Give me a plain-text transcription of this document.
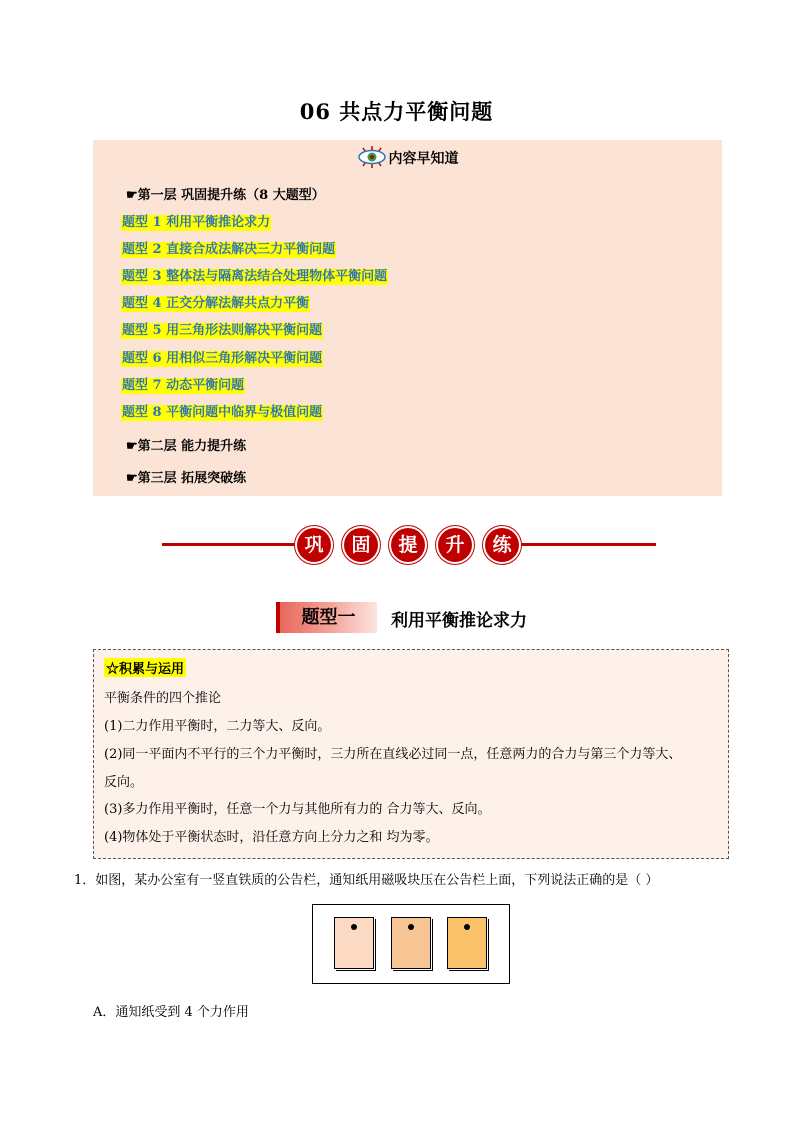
06 共点力平衡问题
内容早知道
☛第一层 巩固提升练（8 大题型）
题型 1 利用平衡推论求力
题型 2 直接合成法解决三力平衡问题
题型 3 整体法与隔离法结合处理物体平衡问题
题型 4 正交分解法解共点力平衡
题型 5 用三角形法则解决平衡问题
题型 6 用相似三角形解决平衡问题
题型 7 动态平衡问题
题型 8 平衡问题中临界与极值问题
☛第二层 能力提升练
☛第三层 拓展突破练
巩	固	提	升	练
题型一	利用平衡推论求力
☆积累与运用
平衡条件的四个推论
(1)二力作用平衡时，二力等大、反向。
(2)同一平面内不平行的三个力平衡时，三力所在直线必过同一点，任意两力的合力与第三个力等大、
反向。
(3)多力作用平衡时，任意一个力与其他所有力的 合力等大、反向。
(4)物体处于平衡状态时，沿任意方向上分力之和 均为零。
1．如图，某办公室有一竖直铁质的公告栏，通知纸用磁吸块压在公告栏上面，下列说法正确的是（ ）
A．通知纸受到 4 个力作用
